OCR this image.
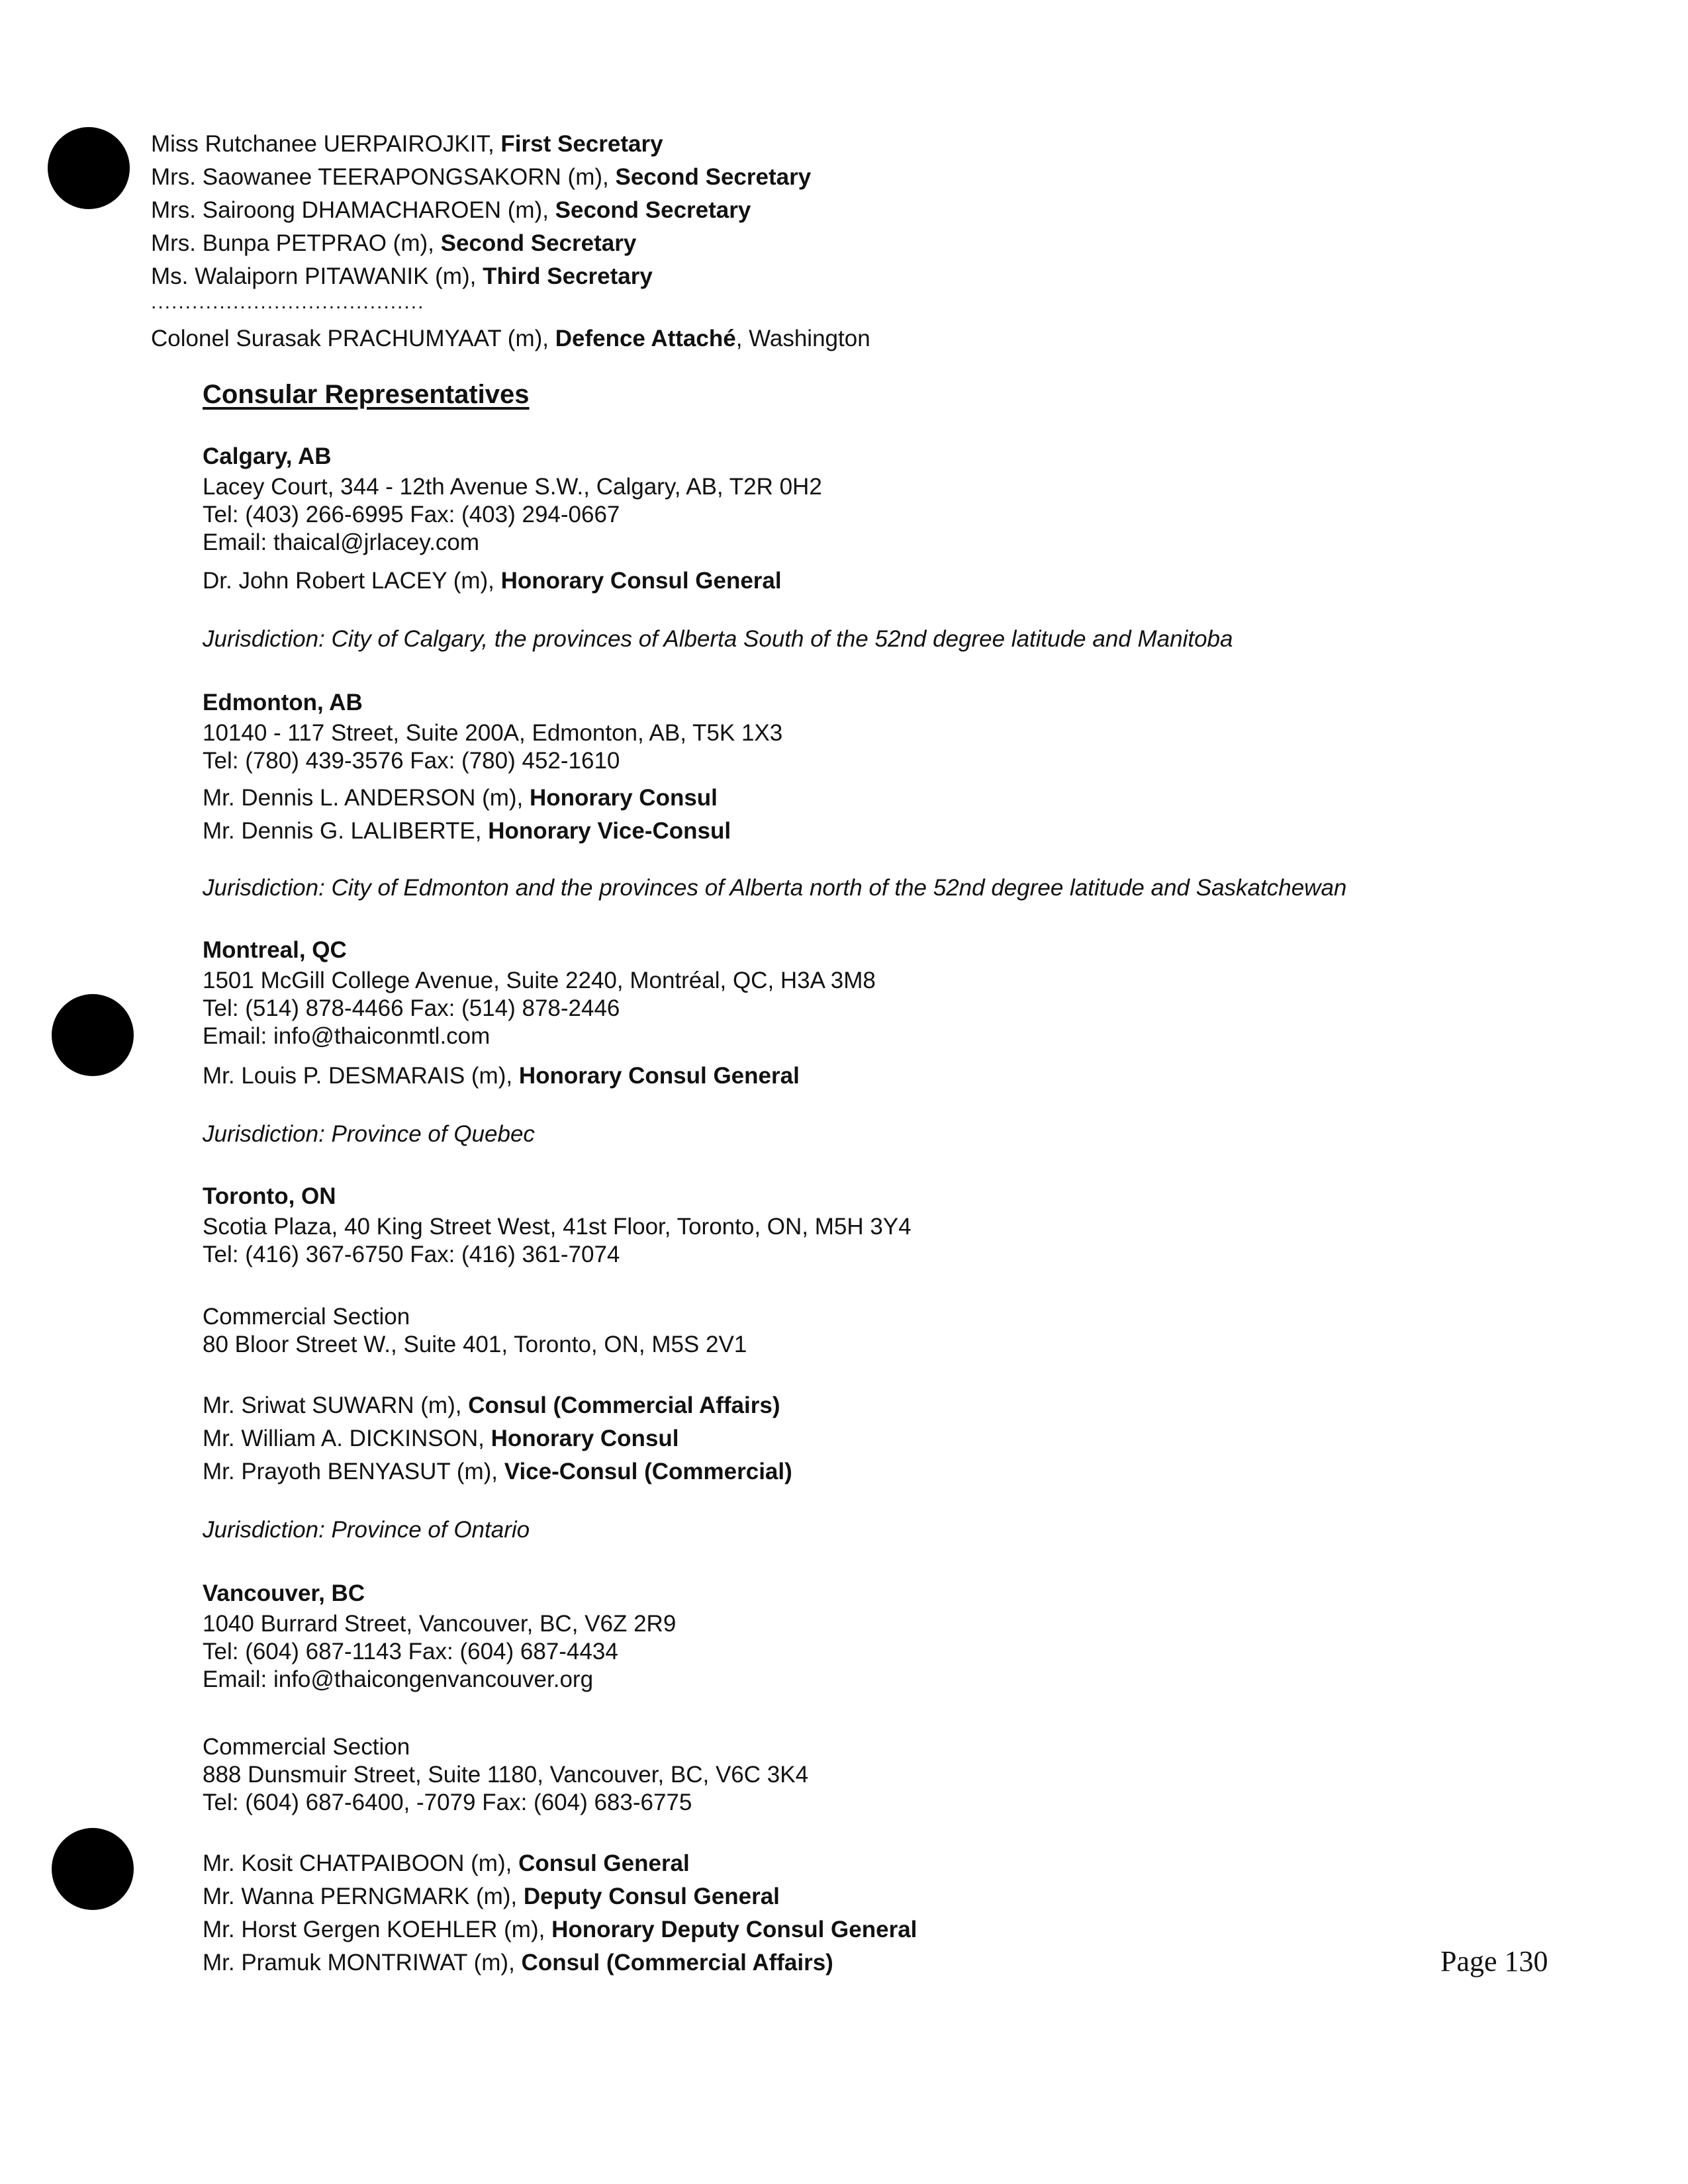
Miss Rutchanee UERPAIROJKIT, First Secretary
Mrs. Saowanee TEERAPONGSAKORN (m), Second Secretary
Mrs. Sairoong DHAMACHAROEN (m), Second Secretary
Mrs. Bunpa PETPRAO (m), Second Secretary
Ms. Walaiporn PITAWANIK (m), Third Secretary
........................................
Colonel Surasak PRACHUMYAAT (m), Defence Attaché, Washington
Consular Representatives
Calgary, AB
Lacey Court, 344 - 12th Avenue S.W., Calgary, AB, T2R 0H2
Tel: (403) 266-6995 Fax: (403) 294-0667
Email: thaical@jrlacey.com
Dr. John Robert LACEY (m), Honorary Consul General
Jurisdiction: City of Calgary, the provinces of Alberta South of the 52nd degree latitude and Manitoba
Edmonton, AB
10140 - 117 Street, Suite 200A, Edmonton, AB, T5K 1X3
Tel: (780) 439-3576 Fax: (780) 452-1610
Mr. Dennis L. ANDERSON (m), Honorary Consul
Mr. Dennis G. LALIBERTE, Honorary Vice-Consul
Jurisdiction: City of Edmonton and the provinces of Alberta north of the 52nd degree latitude and Saskatchewan
Montreal, QC
1501 McGill College Avenue, Suite 2240, Montréal, QC, H3A 3M8
Tel: (514) 878-4466 Fax: (514) 878-2446
Email: info@thaiconmtl.com
Mr. Louis P. DESMARAIS (m), Honorary Consul General
Jurisdiction: Province of Quebec
Toronto, ON
Scotia Plaza, 40 King Street West, 41st Floor, Toronto, ON, M5H 3Y4
Tel: (416) 367-6750 Fax: (416) 361-7074
Commercial Section
80 Bloor Street W., Suite 401, Toronto, ON, M5S 2V1
Mr. Sriwat SUWARN (m), Consul (Commercial Affairs)
Mr. William A. DICKINSON, Honorary Consul
Mr. Prayoth BENYASUT (m), Vice-Consul (Commercial)
Jurisdiction: Province of Ontario
Vancouver, BC
1040 Burrard Street, Vancouver, BC, V6Z 2R9
Tel: (604) 687-1143 Fax: (604) 687-4434
Email: info@thaicongenvancouver.org
Commercial Section
888 Dunsmuir Street, Suite 1180, Vancouver, BC, V6C 3K4
Tel: (604) 687-6400, -7079 Fax: (604) 683-6775
Mr. Kosit CHATPAIBOON (m), Consul General
Mr. Wanna PERNGMARK (m), Deputy Consul General
Mr. Horst Gergen KOEHLER (m), Honorary Deputy Consul General
Mr. Pramuk MONTRIWAT (m), Consul (Commercial Affairs)	Page 130
